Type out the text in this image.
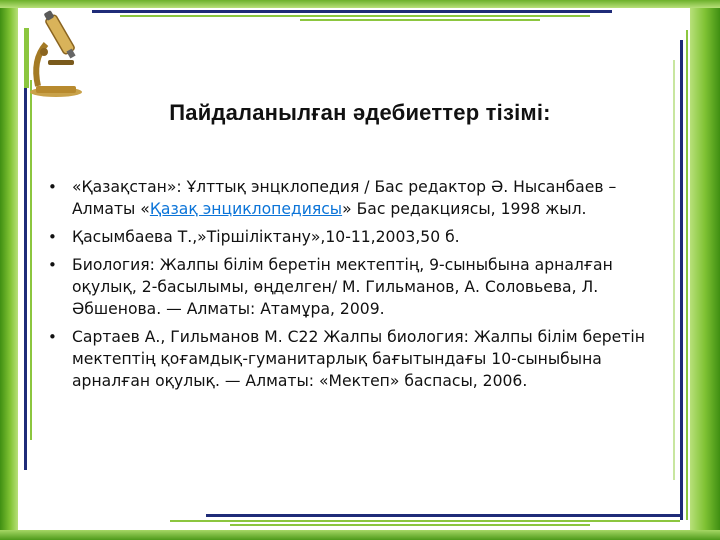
Пайдаланылған әдебиеттер тізімі:
• «Қазақстан»: Ұлттық энцклопедия / Бас редактор Ә. Нысанбаев – Алматы «Қазақ энциклопедиясы» Бас редакциясы, 1998 жыл.
• Қасымбаева Т.,»Тіршіліктану»,10-11,2003,50 б.
• Биология: Жалпы білім беретін мектептің, 9-сыныбына арналған оқулық, 2-басылымы, өңделген/ М. Гильманов, А. Соловьева, Л. Әбшенова. — Алматы: Атамұра, 2009.
• Сартаев А., Гильманов М. С22 Жалпы биология: Жалпы білім беретін мектептің қоғамдық-гуманитарлық бағытындағы 10-сыныбына арналған оқулық. — Алматы: «Мектеп» баспасы, 2006.
